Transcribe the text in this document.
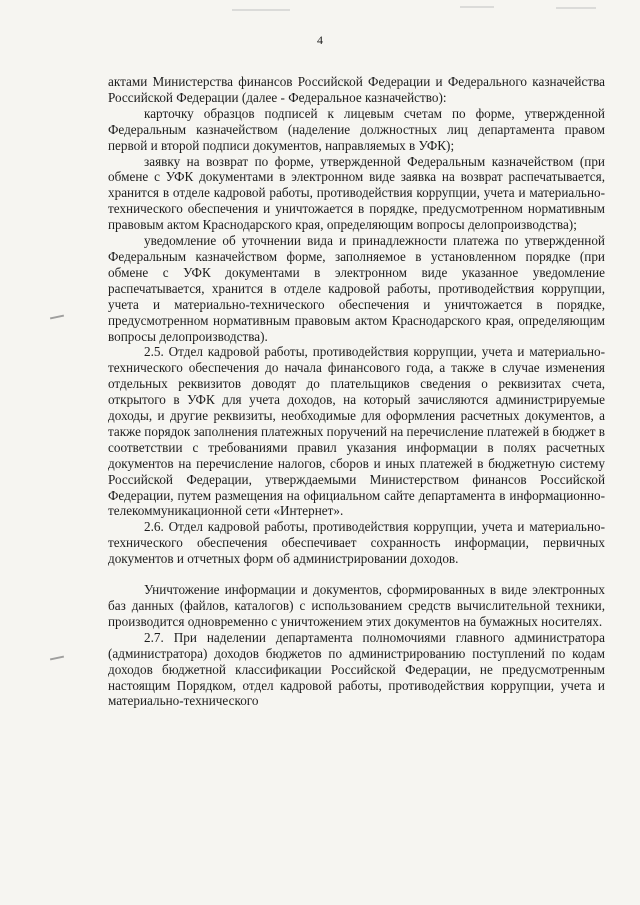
4

актами Министерства финансов Российской Федерации и Федерального казначейства Российской Федерации (далее - Федеральное казначейство):

карточку образцов подписей к лицевым счетам по форме, утвержденной Федеральным казначейством (наделение должностных лиц департамента правом первой и второй подписи документов, направляемых в УФК);

заявку на возврат по форме, утвержденной Федеральным казначейством (при обмене с УФК документами в электронном виде заявка на возврат распечатывается, хранится в отделе кадровой работы, противодействия коррупции, учета и материально-технического обеспечения и уничтожается в порядке, предусмотренном нормативным правовым актом Краснодарского края, определяющим вопросы делопроизводства);

уведомление об уточнении вида и принадлежности платежа по утвержденной Федеральным казначейством форме, заполняемое в установленном порядке (при обмене с УФК документами в электронном виде указанное уведомление распечатывается, хранится в отделе кадровой работы, противодействия коррупции, учета и материально-технического обеспечения и уничтожается в порядке, предусмотренном нормативным правовым актом Краснодарского края, определяющим вопросы делопроизводства).

2.5. Отдел кадровой работы, противодействия коррупции, учета и материально-технического обеспечения до начала финансового года, а также в случае изменения отдельных реквизитов доводят до плательщиков сведения о реквизитах счета, открытого в УФК для учета доходов, на который зачисляются администрируемые доходы, и другие реквизиты, необходимые для оформления расчетных документов, а также порядок заполнения платежных поручений на перечисление платежей в бюджет в соответствии с требованиями правил указания информации в полях расчетных документов на перечисление налогов, сборов и иных платежей в бюджетную систему Российской Федерации, утверждаемыми Министерством финансов Российской Федерации, путем размещения на официальном сайте департамента в информационно-телекоммуникационной сети «Интернет».

2.6. Отдел кадровой работы, противодействия коррупции, учета и материально-технического обеспечения обеспечивает сохранность информации, первичных документов и отчетных форм об администрировании доходов.

Уничтожение информации и документов, сформированных в виде электронных баз данных (файлов, каталогов) с использованием средств вычислительной техники, производится одновременно с уничтожением этих документов на бумажных носителях.

2.7. При наделении департамента полномочиями главного администратора (администратора) доходов бюджетов по администрированию поступлений по кодам доходов бюджетной классификации Российской Федерации, не предусмотренным настоящим Порядком, отдел кадровой работы, противодействия коррупции, учета и материально-технического
